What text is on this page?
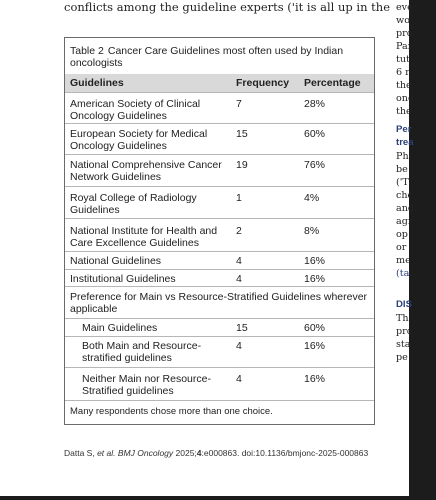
conflicts among the guideline experts ('it is all up in the eve
wo
pro
Par
tut
6 r
the
one
the
Per
trea
Ph
be
('T
che
and
agr
op
or
me
(ta
DIS
Th
pro
sta
pe

Table 2 Cancer Care Guidelines most often used by Indian oncologists

Guidelines	Frequency	Percentage
American Society of Clinical Oncology Guidelines
7	28%
European Society for Medical Oncology Guidelines
15	60%
National Comprehensive Cancer Network Guidelines
19	76%
Royal College of Radiology Guidelines
1	4%
National Institute for Health and Care Excellence Guidelines
2	8%
National Guidelines	4	16%
Institutional Guidelines	4	16%
Preference for Main vs Resource-Stratified Guidelines wherever applicable
Main Guidelines	15	60%
Both Main and Resource-stratified guidelines
4	16%
Neither Main nor Resource-Stratified guidelines
4	16%

Many respondents chose more than one choice.

Datta S, et al. BMJ Oncology 2025;4:e000863. doi:10.1136/bmjonc-2025-000863
